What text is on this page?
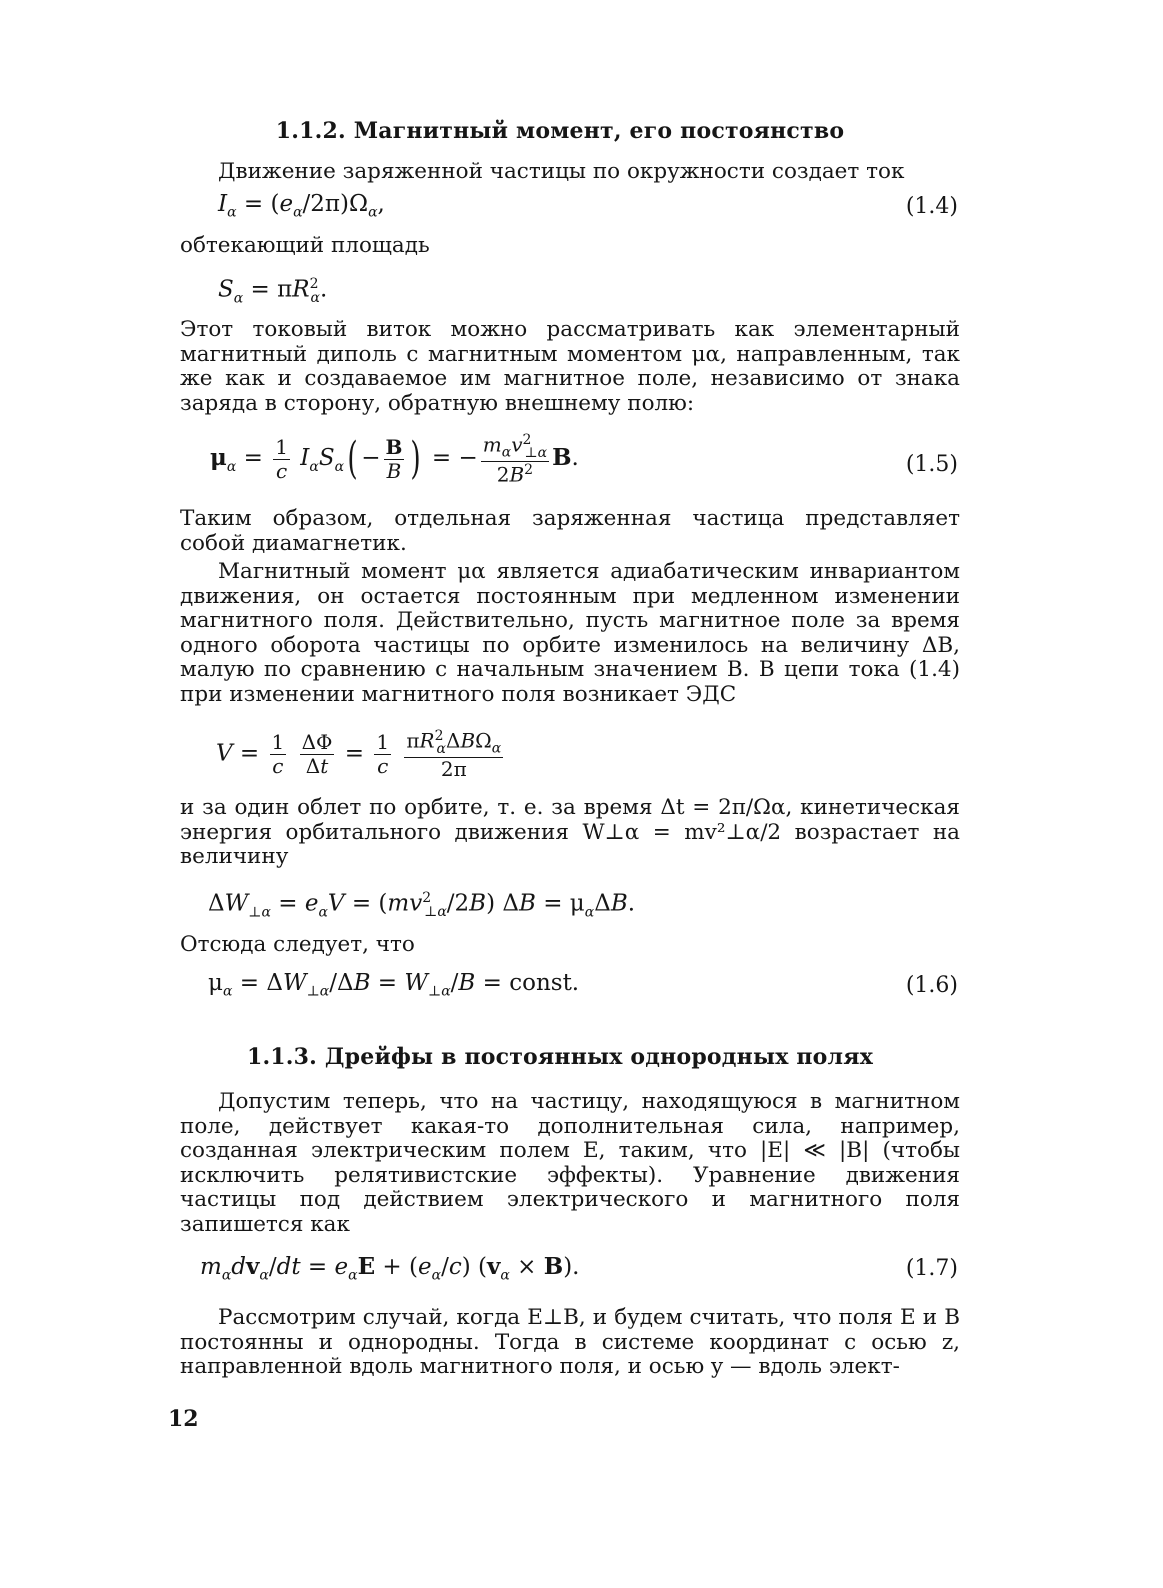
1.1.2. Магнитный момент, его постоянство
Движение заряженной частицы по окружности создает ток
$I_\alpha = (e_\alpha/2\pi)\Omega_\alpha$,	(1.4)
обтекающий площадь
$S_\alpha = \pi R^2_\alpha$.
Этот токовый виток можно рассматривать как элементарный магнитный диполь с магнитным моментом μα, направленным, так же как и создаваемое им магнитное поле, независимо от знака заряда в сторону, обратную внешнему полю:
$\mu_\alpha = \frac{1}{c} I_\alpha S_\alpha( - \frac{B}{B}$ ) = −
$m_\alpha v^2_{\perp\alpha}$
$2B^2$ B.	(1.5)
Таким образом, отдельная заряженная частица представляет собой диамагнетик.
Магнитный момент μα является адиабатическим инвариантом движения, он остается постоянным при медленном изменении магнитного поля. Действительно, пусть магнитное поле за время одного оборота частицы по орбите изменилось на величину ΔB, малую по сравнению с начальным значением B. В цепи тока (1.4) при изменении магнитного поля возникает ЭДС
$V = \frac{1}{c}$
$\frac{\Delta\Phi}{\Delta t} = \frac{1}{c}$
$\pi R^2_\alpha\Delta B\Omega_\alpha$
2π
и за один облет по орбите, т. е. за время Δt = 2π/Ωα, кинетическая энергия орбитального движения W⊥α = mv²⊥α/2 возрастает на величину
$\Delta W_{\perp\alpha} = e_\alpha V = (mv^2_{\perp\alpha}/2B) \Delta B = \mu_\alpha\Delta B$.
Отсюда следует, что
$\mu_\alpha = \Delta W_{\perp\alpha}/\Delta B = W_{\perp\alpha}/B$ = const.	(1.6)
1.1.3. Дрейфы в постоянных однородных полях
Допустим теперь, что на частицу, находящуюся в магнитном поле, действует какая-то дополнительная сила, например, созданная электрическим полем E, таким, что |E| ≪ |B| (чтобы исключить релятивистские эффекты). Уравнение движения частицы под действием электрического и магнитного поля запишется как
$m_\alpha dv_\alpha/dt = e_\alpha E + (e_\alpha/c) (v_\alpha \times B)$.	(1.7)
Рассмотрим случай, когда E⊥B, и будем считать, что поля E и B постоянны и однородны. Тогда в системе координат с осью z, направленной вдоль магнитного поля, и осью y — вдоль элект-
12
